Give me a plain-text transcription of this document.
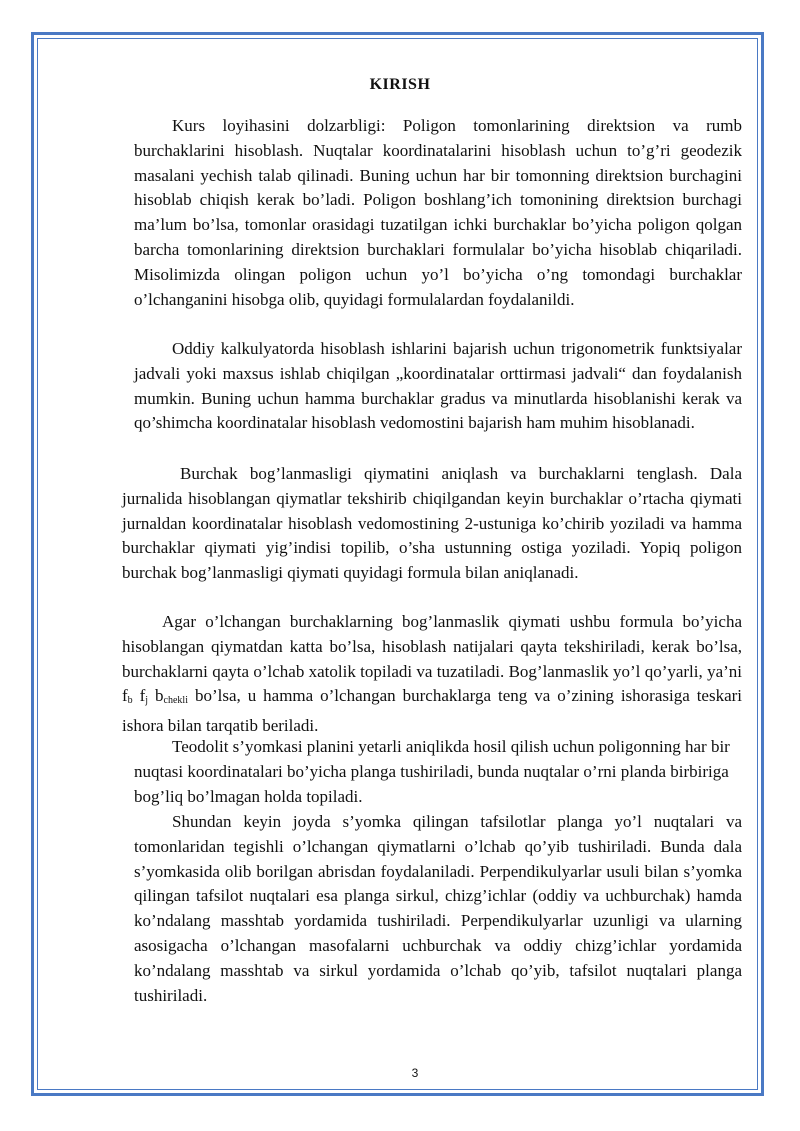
KIRISH

Kurs loyihasini dolzarbligi: Poligon tomonlarining direktsion va rumb burchaklarini hisoblash. Nuqtalar koordinatalarini hisoblash uchun to’g’ri geodezik masalani yechish talab qilinadi. Buning uchun har bir tomonning direktsion burchagini hisoblab chiqish kerak bo’ladi. Poligon boshlang’ich tomonining direktsion burchagi ma’lum bo’lsa, tomonlar orasidagi tuzatilgan ichki burchaklar bo’yicha poligon qolgan barcha tomonlarining direktsion burchaklari formulalar bo’yicha hisoblab chiqariladi. Misolimizda olingan poligon uchun yo’l bo’yicha o’ng tomondagi burchaklar o’lchanganini hisobga olib, quyidagi formulalardan foydalanildi.

Oddiy kalkulyatorda hisoblash ishlarini bajarish uchun trigonometrik funktsiyalar jadvali yoki maxsus ishlab chiqilgan „koordinatalar orttirmasi jadvali“ dan foydalanish mumkin. Buning uchun hamma burchaklar gradus va minutlarda hisoblanishi kerak va qo’shimcha koordinatalar hisoblash vedomostini bajarish ham muhim hisoblanadi.

Burchak bog’lanmasligi qiymatini aniqlash va burchaklarni tenglash. Dala jurnalida hisoblangan qiymatlar tekshirib chiqilgandan keyin burchaklar o’rtacha qiymati jurnaldan koordinatalar hisoblash vedomostining 2-ustuniga ko’chirib yoziladi va hamma burchaklar qiymati yig’indisi topilib, o’sha ustunning ostiga yoziladi. Yopiq poligon burchak bog’lanmasligi qiymati quyidagi formula bilan aniqlanadi.

Agar o’lchangan burchaklarning bog’lanmaslik qiymati ushbu formula bo’yicha hisoblangan qiymatdan katta bo’lsa, hisoblash natijalari qayta tekshiriladi, kerak bo’lsa, burchaklarni qayta o’lchab xatolik topiladi va tuzatiladi. Bog’lanmaslik yo’l qo’yarli, ya’ni $f_b$ $f_j$ $b_{chekli}$ bo’lsa, u hamma o’lchangan burchaklarga teng va o’zining ishorasiga teskari ishora bilan tarqatib beriladi.

Teodolit s’yomkasi planini yetarli aniqlikda hosil qilish uchun poligonning har bir nuqtasi koordinatalari bo’yicha planga tushiriladi, bunda nuqtalar o’rni planda birbiriga bog’liq bo’lmagan holda topiladi.

Shundan keyin joyda s’yomka qilingan tafsilotlar planga yo’l nuqtalari va tomonlaridan tegishli o’lchangan qiymatlarni o’lchab qo’yib tushiriladi. Bunda dala s’yomkasida olib borilgan abrisdan foydalaniladi. Perpendikulyarlar usuli bilan s’yomka qilingan tafsilot nuqtalari esa planga sirkul, chizg’ichlar (oddiy va uchburchak) hamda ko’ndalang masshtab yordamida tushiriladi. Perpendikulyarlar uzunligi va ularning asosigacha o’lchangan masofalarni uchburchak va oddiy chizg’ichlar yordamida ko’ndalang masshtab va sirkul yordamida o’lchab qo’yib, tafsilot nuqtalari planga tushiriladi.

3
